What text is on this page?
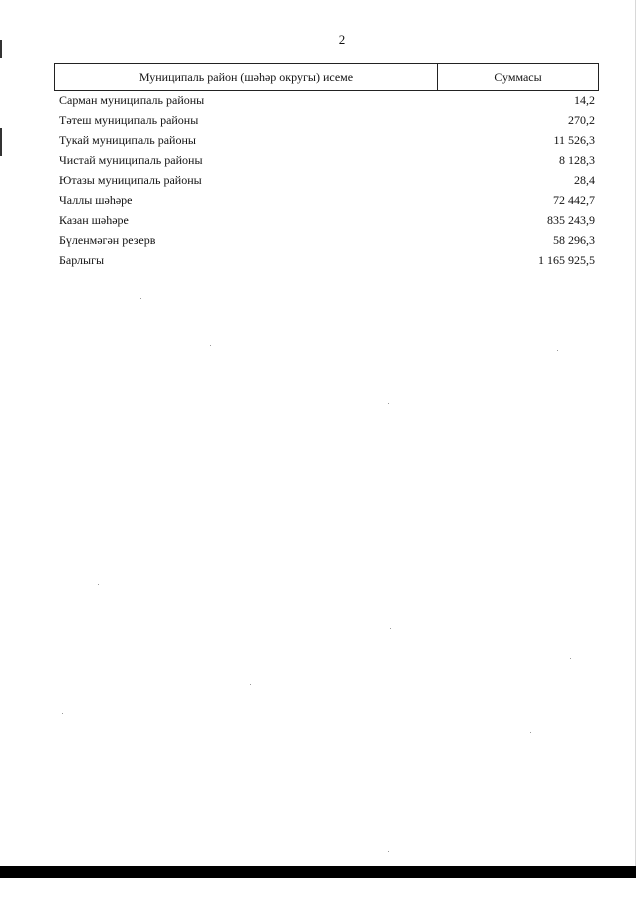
2
Муниципаль район (шәһәр округы) исеме	Суммасы
Сарман муниципаль районы	14,2
Тәтеш муниципаль районы	270,2
Тукай муниципаль районы	11 526,3
Чистай муниципаль районы	8 128,3
Ютазы муниципаль районы	28,4
Чаллы шәһәре	72 442,7
Казан шәһәре	835 243,9
Бүленмәгән резерв	58 296,3
Барлыгы	1 165 925,5
